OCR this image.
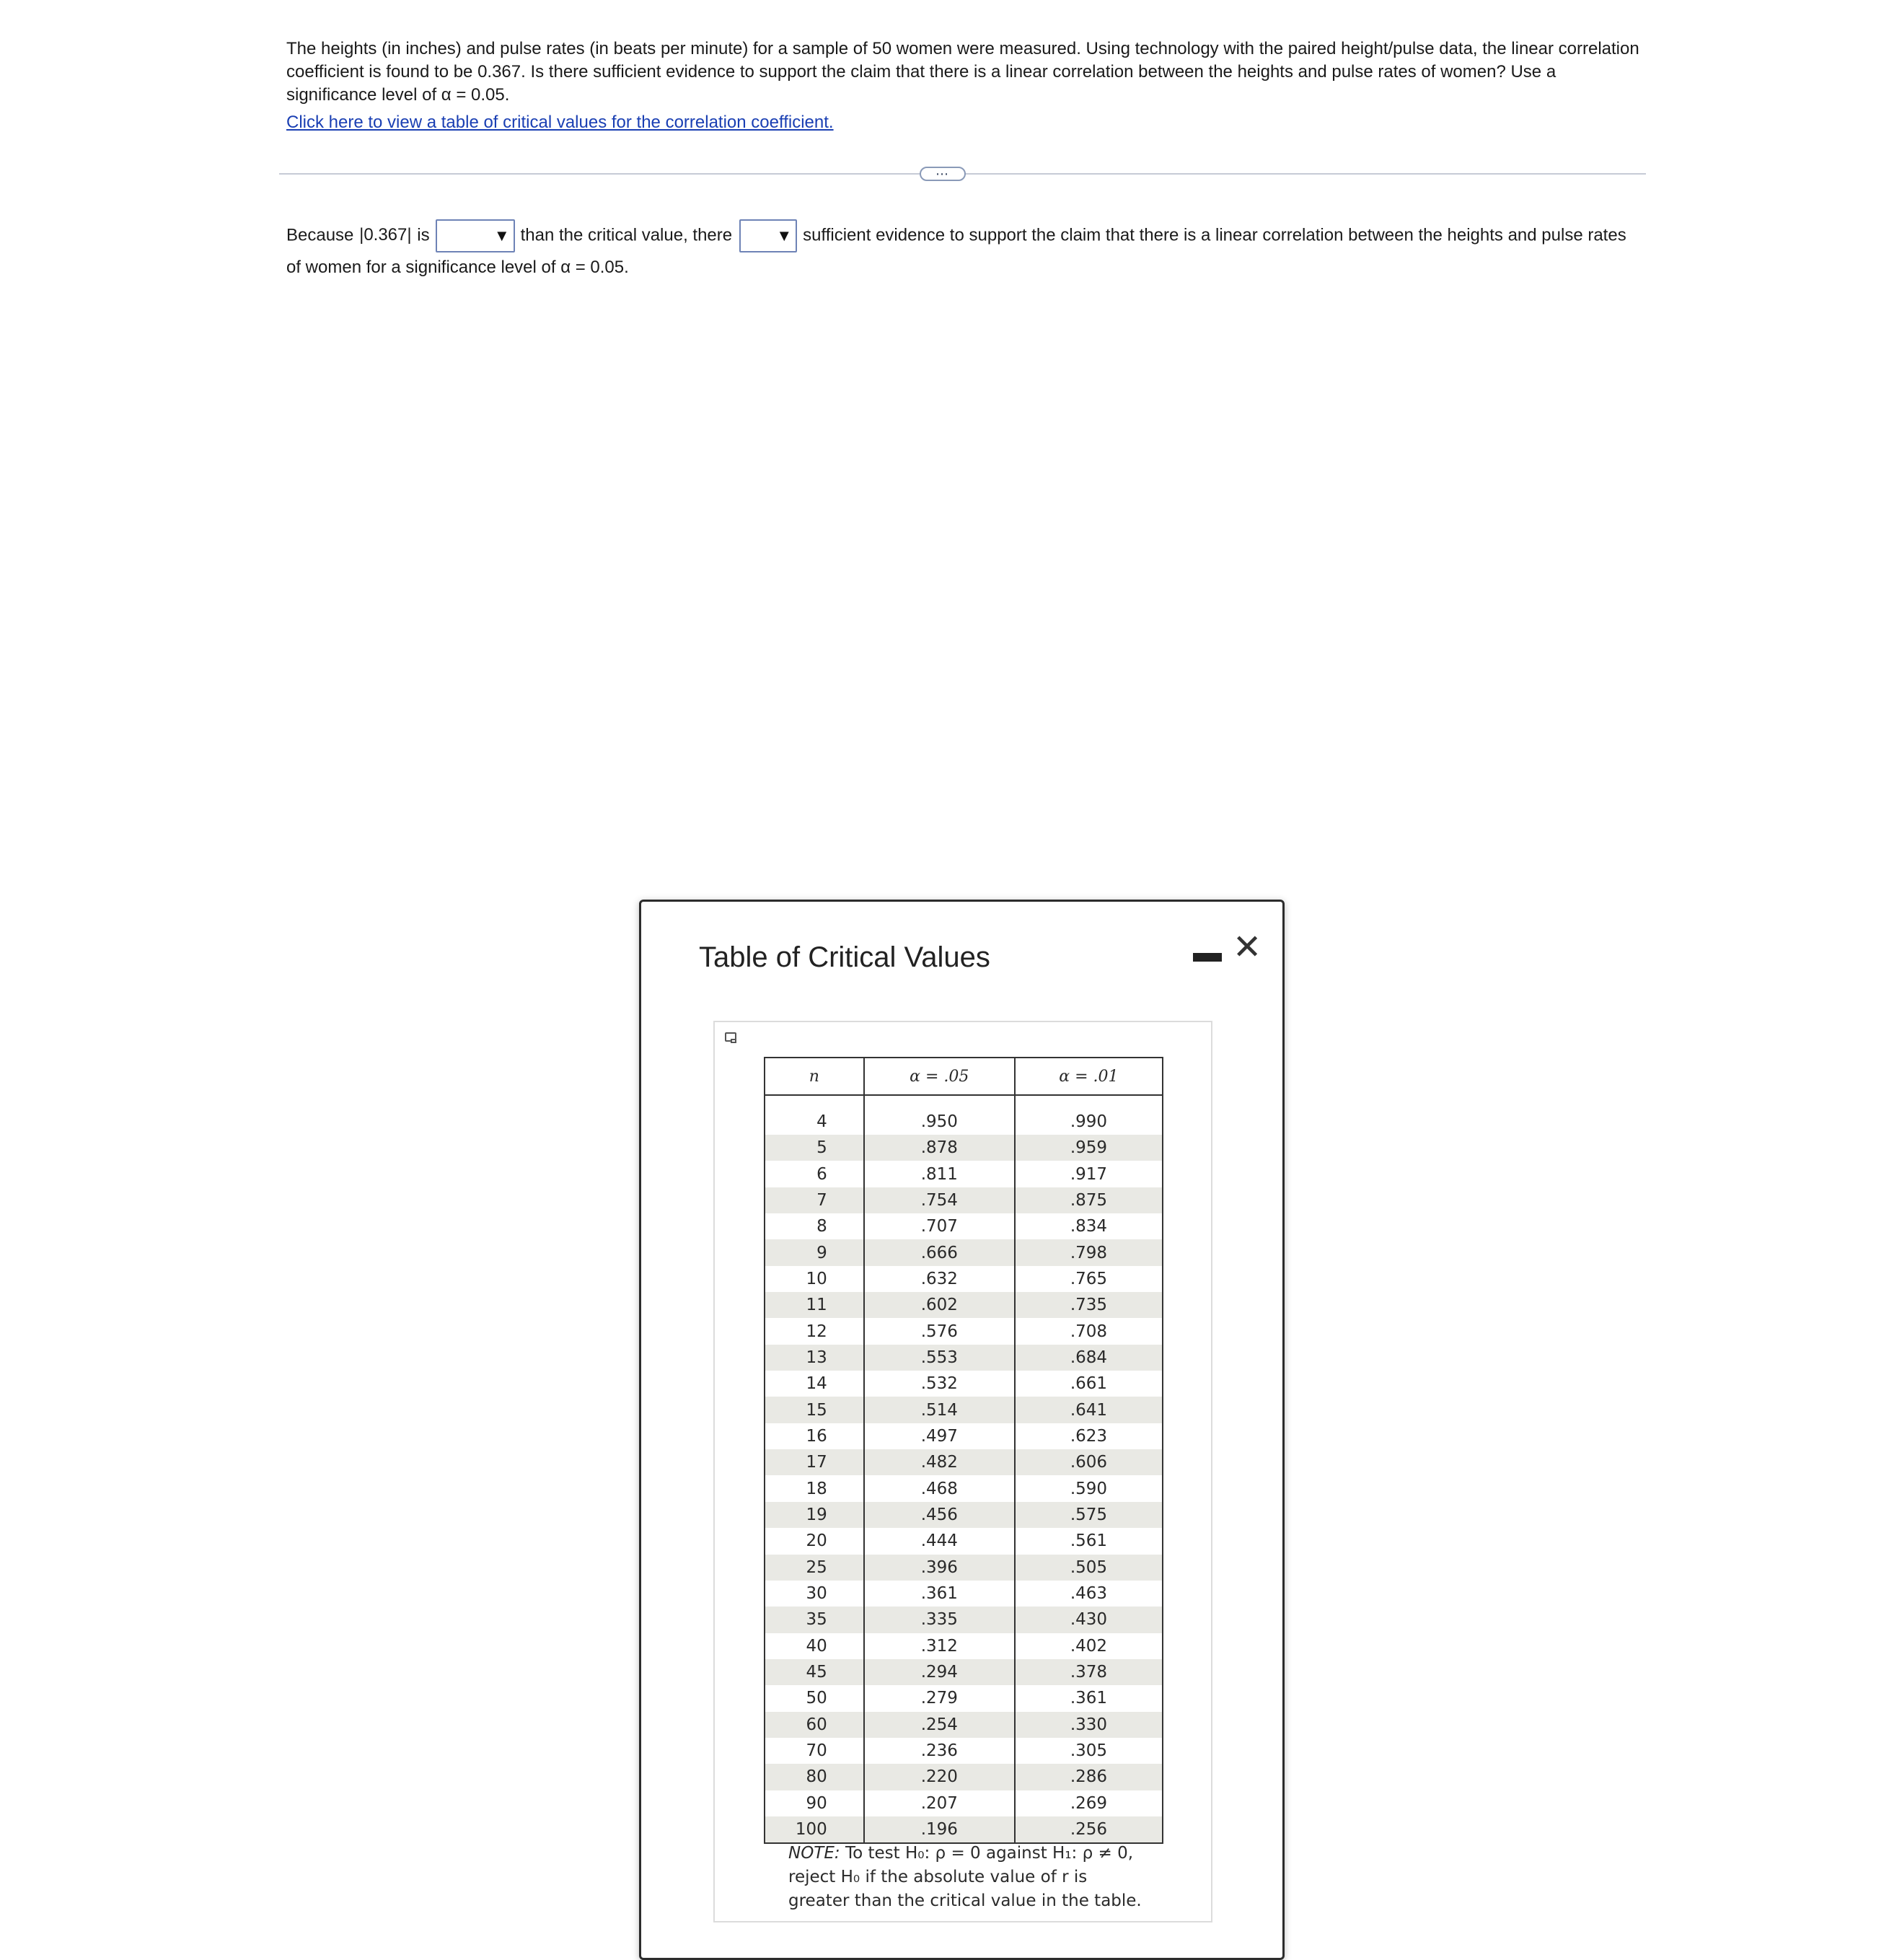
The heights (in inches) and pulse rates (in beats per minute) for a sample of 50 women were measured. Using technology with the paired height/pulse data, the linear correlation coefficient is found to be 0.367. Is there sufficient evidence to support the claim that there is a linear correlation between the heights and pulse rates of women? Use a significance level of α = 0.05.

Click here to view a table of critical values for the correlation coefficient.
⋯
Because |0.367| is	▼ than the critical value, there	▼ sufficient evidence to support the claim that there is a linear correlation between the heights and pulse rates of women for a significance level of α = 0.05.
Table of Critical Values	▬ ✕
n	α = .05	α = .01
4	.950	.990
5	.878	.959
6	.811	.917
7	.754	.875
8	.707	.834
9	.666	.798
10	.632	.765
11	.602	.735
12	.576	.708
13	.553	.684
14	.532	.661
15	.514	.641
16	.497	.623
17	.482	.606
18	.468	.590
19	.456	.575
20	.444	.561
25	.396	.505
30	.361	.463
35	.335	.430
40	.312	.402
45	.294	.378
50	.279	.361
60	.254	.330
70	.236	.305
80	.220	.286
90	.207	.269
100	.196	.256
NOTE: To test H₀: ρ = 0 against H₁: ρ ≠ 0,
reject H₀ if the absolute value of r is
greater than the critical value in the table.
